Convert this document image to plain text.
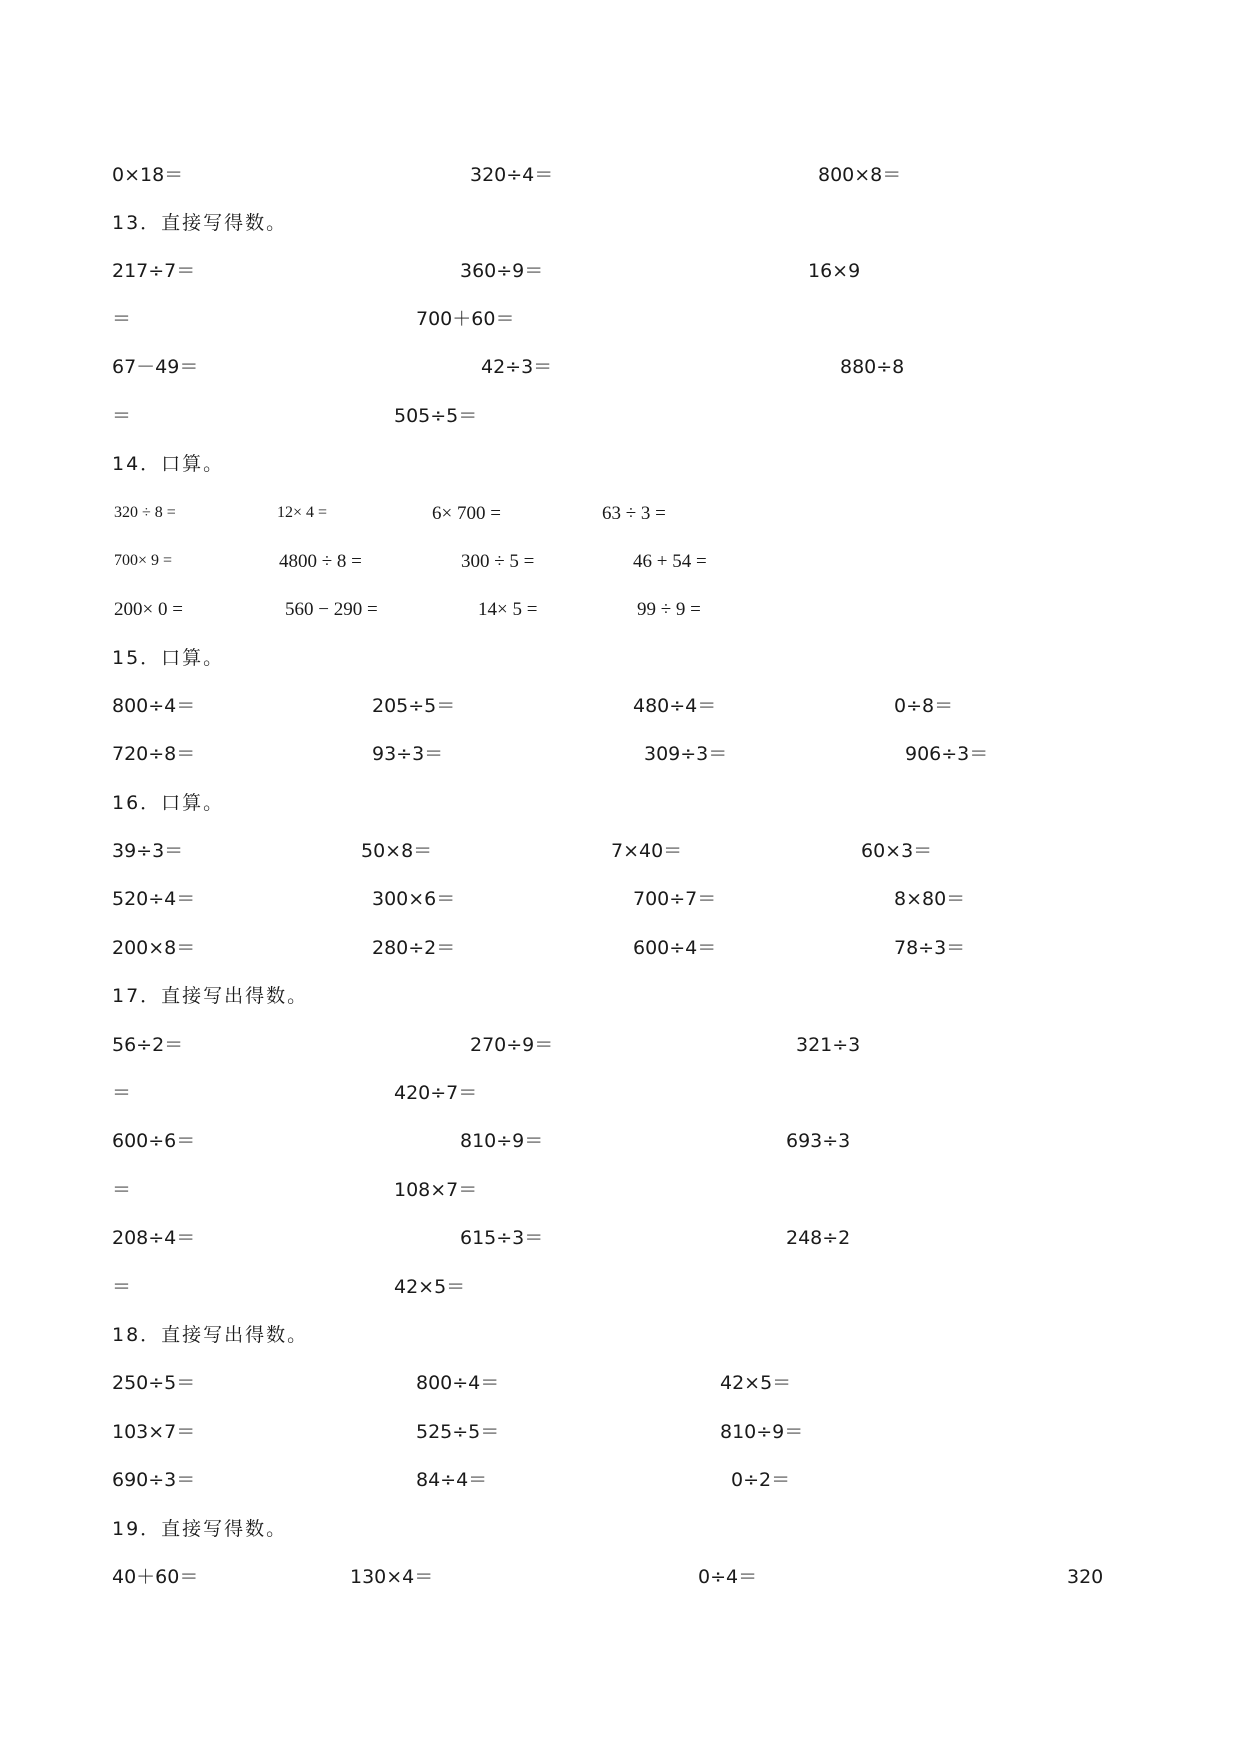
0×18＝	320÷4＝	800×8＝
13．直接写得数。
217÷7＝	360÷9＝	16×9
＝	700＋60＝
67－49＝	42÷3＝	880÷8
＝	505÷5＝
14．口算。
320 ÷ 8 =	12× 4 =	6× 700 =	63 ÷ 3 =
700× 9 =	4800 ÷ 8 =	300 ÷ 5 =	46 + 54 =
200× 0 =	560 − 290 =	14× 5 =	99 ÷ 9 =
15．口算。
800÷4＝	205÷5＝	480÷4＝	0÷8＝
720÷8＝	93÷3＝	309÷3＝	906÷3＝
16．口算。
39÷3＝	50×8＝	7×40＝	60×3＝
520÷4＝	300×6＝	700÷7＝	8×80＝
200×8＝	280÷2＝	600÷4＝	78÷3＝
17．直接写出得数。
56÷2＝	270÷9＝	321÷3
＝	420÷7＝
600÷6＝	810÷9＝	693÷3
＝	108×7＝
208÷4＝	615÷3＝	248÷2
＝	42×5＝
18．直接写出得数。
250÷5＝	800÷4＝	42×5＝
103×7＝	525÷5＝	810÷9＝
690÷3＝	84÷4＝	0÷2＝
19．直接写得数。
40＋60＝	130×4＝	0÷4＝	320
